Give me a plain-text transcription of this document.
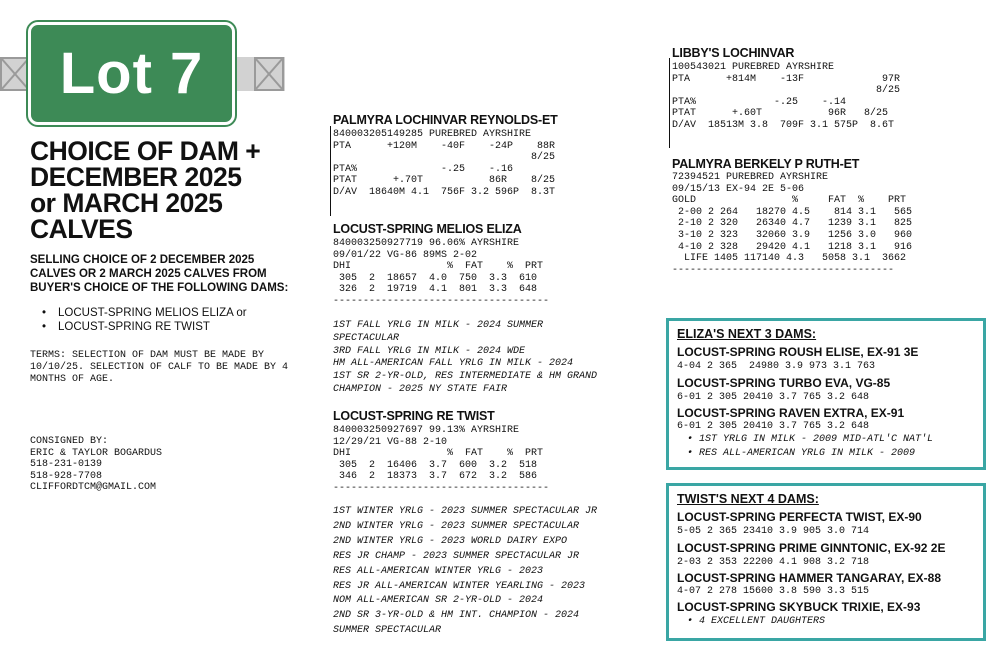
Lot 7
CHOICE OF DAM +
DECEMBER 2025
or MARCH 2025
CALVES
SELLING CHOICE OF 2 DECEMBER 2025 CALVES OR 2 MARCH 2025 CALVES FROM BUYER'S CHOICE OF THE FOLLOWING DAMS:
• LOCUST-SPRING MELIOS ELIZA or
• LOCUST-SPRING RE TWIST
TERMS: SELECTION OF DAM MUST BE MADE BY 10/10/25. SELECTION OF CALF TO BE MADE BY 4 MONTHS OF AGE.
CONSIGNED BY:
ERIC & TAYLOR BOGARDUS
518-231-0139
518-928-7708
CLIFFORDTCM@GMAIL.COM
PALMYRA LOCHINVAR REYNOLDS-ET
840003205149285 PUREBRED AYRSHIRE
PTA      +120M    -40F    -24P    88R
8/25
PTA%              -.25    -.16
PTAT      +.70T           86R    8/25
D/AV  18640M 4.1  756F 3.2 596P  8.3T
LOCUST-SPRING MELIOS ELIZA
840003250927719 96.06% AYRSHIRE
09/01/22 VG-86 89MS 2-02
DHI                %  FAT    %  PRT
305  2  18657  4.0  750  3.3  610
326  2  19719  4.1  801  3.3  648
------------------------------------
1ST FALL YRLG IN MILK - 2024 SUMMER
SPECTACULAR
3RD FALL YRLG IN MILK - 2024 WDE
HM ALL-AMERICAN FALL YRLG IN MILK - 2024
1ST SR 2-YR-OLD, RES INTERMEDIATE & HM GRAND
CHAMPION - 2025 NY STATE FAIR
LOCUST-SPRING RE TWIST
840003250927697 99.13% AYRSHIRE
12/29/21 VG-88 2-10
DHI                %  FAT    %  PRT
305  2  16406  3.7  600  3.2  518
346  2  18373  3.7  672  3.2  586
------------------------------------
1ST WINTER YRLG - 2023 SUMMER SPECTACULAR JR
2ND WINTER YRLG - 2023 SUMMER SPECTACULAR
2ND WINTER YRLG - 2023 WORLD DAIRY EXPO
RES JR CHAMP - 2023 SUMMER SPECTACULAR JR
RES ALL-AMERICAN WINTER YRLG - 2023
RES JR ALL-AMERICAN WINTER YEARLING - 2023
NOM ALL-AMERICAN SR 2-YR-OLD - 2024
2ND SR 3-YR-OLD & HM INT. CHAMPION - 2024
SUMMER SPECTACULAR
LIBBY'S LOCHINVAR
100543021 PUREBRED AYRSHIRE
PTA      +814M    -13F             97R
8/25
PTA%             -.25    -.14
PTAT      +.60T           96R   8/25
D/AV  18513M 3.8  709F 3.1 575P  8.6T
PALMYRA BERKELY P RUTH-ET
72394521 PUREBRED AYRSHIRE
09/15/13 EX-94 2E 5-06
GOLD                %     FAT  %    PRT
2-00 2 264   18270 4.5    814 3.1   565
2-10 2 320   26340 4.7   1239 3.1   825
3-10 2 323   32060 3.9   1256 3.0   960
4-10 2 328   29420 4.1   1218 3.1   916
LIFE 1405 117140 4.3   5058 3.1  3662
-------------------------------------
ELIZA'S NEXT 3 DAMS:
LOCUST-SPRING ROUSH ELISE, EX-91 3E
4-04 2 365  24980 3.9 973 3.1 763
LOCUST-SPRING TURBO EVA, VG-85
6-01 2 305 20410 3.7 765 3.2 648
LOCUST-SPRING RAVEN EXTRA, EX-91
6-01 2 305 20410 3.7 765 3.2 648
• 1ST YRLG IN MILK - 2009 MID-ATL'C NAT'L
• RES ALL-AMERICAN YRLG IN MILK - 2009
TWIST'S NEXT 4 DAMS:
LOCUST-SPRING PERFECTA TWIST, EX-90
5-05 2 365 23410 3.9 905 3.0 714
LOCUST-SPRING PRIME GINNTONIC, EX-92 2E
2-03 2 353 22200 4.1 908 3.2 718
LOCUST-SPRING HAMMER TANGARAY, EX-88
4-07 2 278 15600 3.8 590 3.3 515
LOCUST-SPRING SKYBUCK TRIXIE, EX-93
• 4 EXCELLENT DAUGHTERS
